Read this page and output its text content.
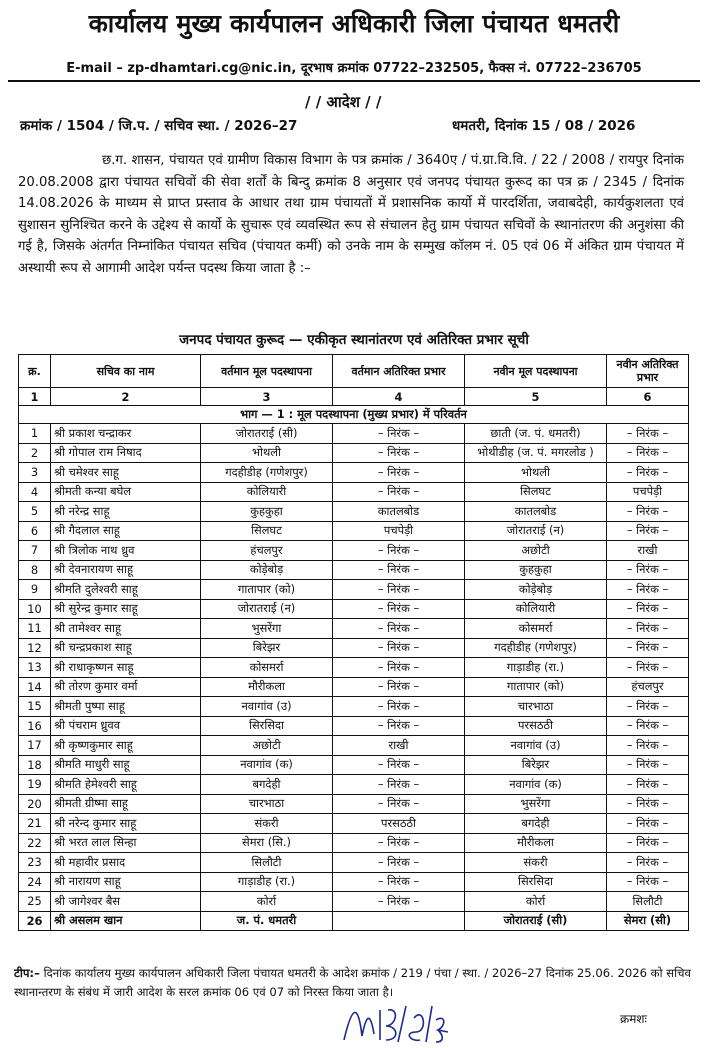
कार्यालय मुख्य कार्यपालन अधिकारी जिला पंचायत धमतरी
E-mail – zp-dhamtari.cg@nic.in, दूरभाष क्रमांक 07722–232505, फैक्स नं. 07722–236705
/ / आदेश / /
क्रमांक / 1504 / जि.प. / सचिव स्था. / 2026–27	धमतरी, दिनांक 15 / 08 / 2026
छ.ग. शासन, पंचायत एवं ग्रामीण विकास विभाग के पत्र क्रमांक / 3640ए / पं.ग्रा.वि.वि. / 22 / 2008 / रायपुर दिनांक 20.08.2008 द्वारा पंचायत सचिवों की सेवा शर्तों के बिन्दु क्रमांक 8 अनुसार एवं जनपद पंचायत कुरूद का पत्र क्र / 2345 / दिनांक 14.08.2026 के माध्यम से प्राप्त प्रस्ताव के आधार तथा ग्राम पंचायतों में प्रशासनिक कार्यो में पारदर्शिता, जवाबदेही, कार्यकुशलता एवं सुशासन सुनिश्चित करने के उद्देश्य से कार्यो के सुचारू एवं व्यवस्थित रूप से संचालन हेतु ग्राम पंचायत सचिवों के स्थानांतरण की अनुशंसा की गई है, जिसके अंतर्गत निम्नांकित पंचायत सचिव (पंचायत कर्मी) को उनके नाम के सम्मुख कॉलम नं. 05 एवं 06 में अंकित ग्राम पंचायत में अस्थायी रूप से आगामी आदेश पर्यन्त पदस्थ किया जाता है :–
जनपद पंचायत कुरूद — एकीकृत स्थानांतरण एवं अतिरिक्त प्रभार सूची
क्र.	सचिव का नाम	वर्तमान मूल पदस्थापना	वर्तमान अतिरिक्त प्रभार	नवीन मूल पदस्थापना	नवीन अतिरिक्त प्रभार
1	2	3	4	5	6
भाग — 1 : मूल पदस्थापना (मुख्य प्रभार) में परिवर्तन					
1	श्री प्रकाश चन्द्राकर	जोरातराई (सी)	– निरंक –	छाती (ज. पं. धमतरी)	– निरंक –
2	श्री गोपाल राम निषाद	भोथली	– निरंक –	भोथीडीह (ज. पं. मगरलोड )	– निरंक –
3	श्री चमेश्वर साहू	गदहीडीह (गणेशपुर)	– निरंक –	भोथली	– निरंक –
4	श्रीमती कन्या बघेल	कोलियारी	– निरंक –	सिलघट	पचपेड़ी
5	श्री नरेन्द्र साहू	कुहकुहा	कातलबोड	कातलबोड	– निरंक –
6	श्री गैदलाल साहू	सिलघट	पचपेड़ी	जोरातराई (न)	– निरंक –
7	श्री त्रिलोक नाथ ध्रुव	हंचलपुर	– निरंक –	अछोटी	राखी
8	श्री देवनारायण साहू	कोड़ेबोड़	– निरंक –	कुहकुहा	– निरंक –
9	श्रीमति दुलेश्वरी साहू	गातापार (को)	– निरंक –	कोड़ेबोड़	– निरंक –
10	श्री सुरेन्द्र कुमार साहू	जोरातराई (न)	– निरंक –	कोलियारी	– निरंक –
11	श्री तामेश्वर साहू	भुसरेंगा	– निरंक –	कोसमर्रा	– निरंक –
12	श्री चन्द्रप्रकाश साहू	बिरेझर	– निरंक –	गदहीडीह (गणेशपुर)	– निरंक –
13	श्री राधाकृष्णन साहू	कोसमर्रा	– निरंक –	गाड़ाडीह (रा.)	– निरंक –
14	श्री तोरण कुमार वर्मा	मौरीकला	– निरंक –	गातापार (को)	हंचलपुर
15	श्रीमती पुष्पा साहू	नवागांव (उ)	– निरंक –	चारभाठा	– निरंक –
16	श्री पंचराम ध्रुवव	सिरसिदा	– निरंक –	परसठठी	– निरंक –
17	श्री कृष्णकुमार साहू	अछोटी	राखी	नवागांव (उ)	– निरंक –
18	श्रीमति माधुरी साहू	नवागांव (क)	– निरंक –	बिरेझर	– निरंक –
19	श्रीमति हेमेश्वरी साहू	बगदेही	– निरंक –	नवागांव (क)	– निरंक –
20	श्रीमती ग्रीष्मा साहू	चारभाठा	– निरंक –	भुसरेंगा	– निरंक –
21	श्री नरेन्द कुमार साहू	संकरी	परसठठी	बगदेही	– निरंक –
22	श्री भरत लाल सिन्हा	सेमरा (सि.)	– निरंक –	मौरीकला	– निरंक –
23	श्री महावीर प्रसाद	सिलौटी	– निरंक –	संकरी	– निरंक –
24	श्री नारायण साहू	गाड़ाडीह (रा.)	– निरंक –	सिरसिदा	– निरंक –
25	श्री जागेश्वर बैस	कोर्रा	– निरंक –	कोर्रा	सिलौटी
26	श्री असलम खान	ज. पं. धमतरी		जोरातराई (सी)	सेमरा (सी)
टीप:– दिनांक कार्यालय मुख्य कार्यपालन अधिकारी जिला पंचायत धमतरी के आदेश क्रमांक / 219 / पंचा / स्था. / 2026–27 दिनांक 25.06. 2026 को सचिव स्थानान्तरण के संबंध में जारी आदेश के सरल क्रमांक 06 एवं 07 को निरस्त किया जाता है।
क्रमशः
